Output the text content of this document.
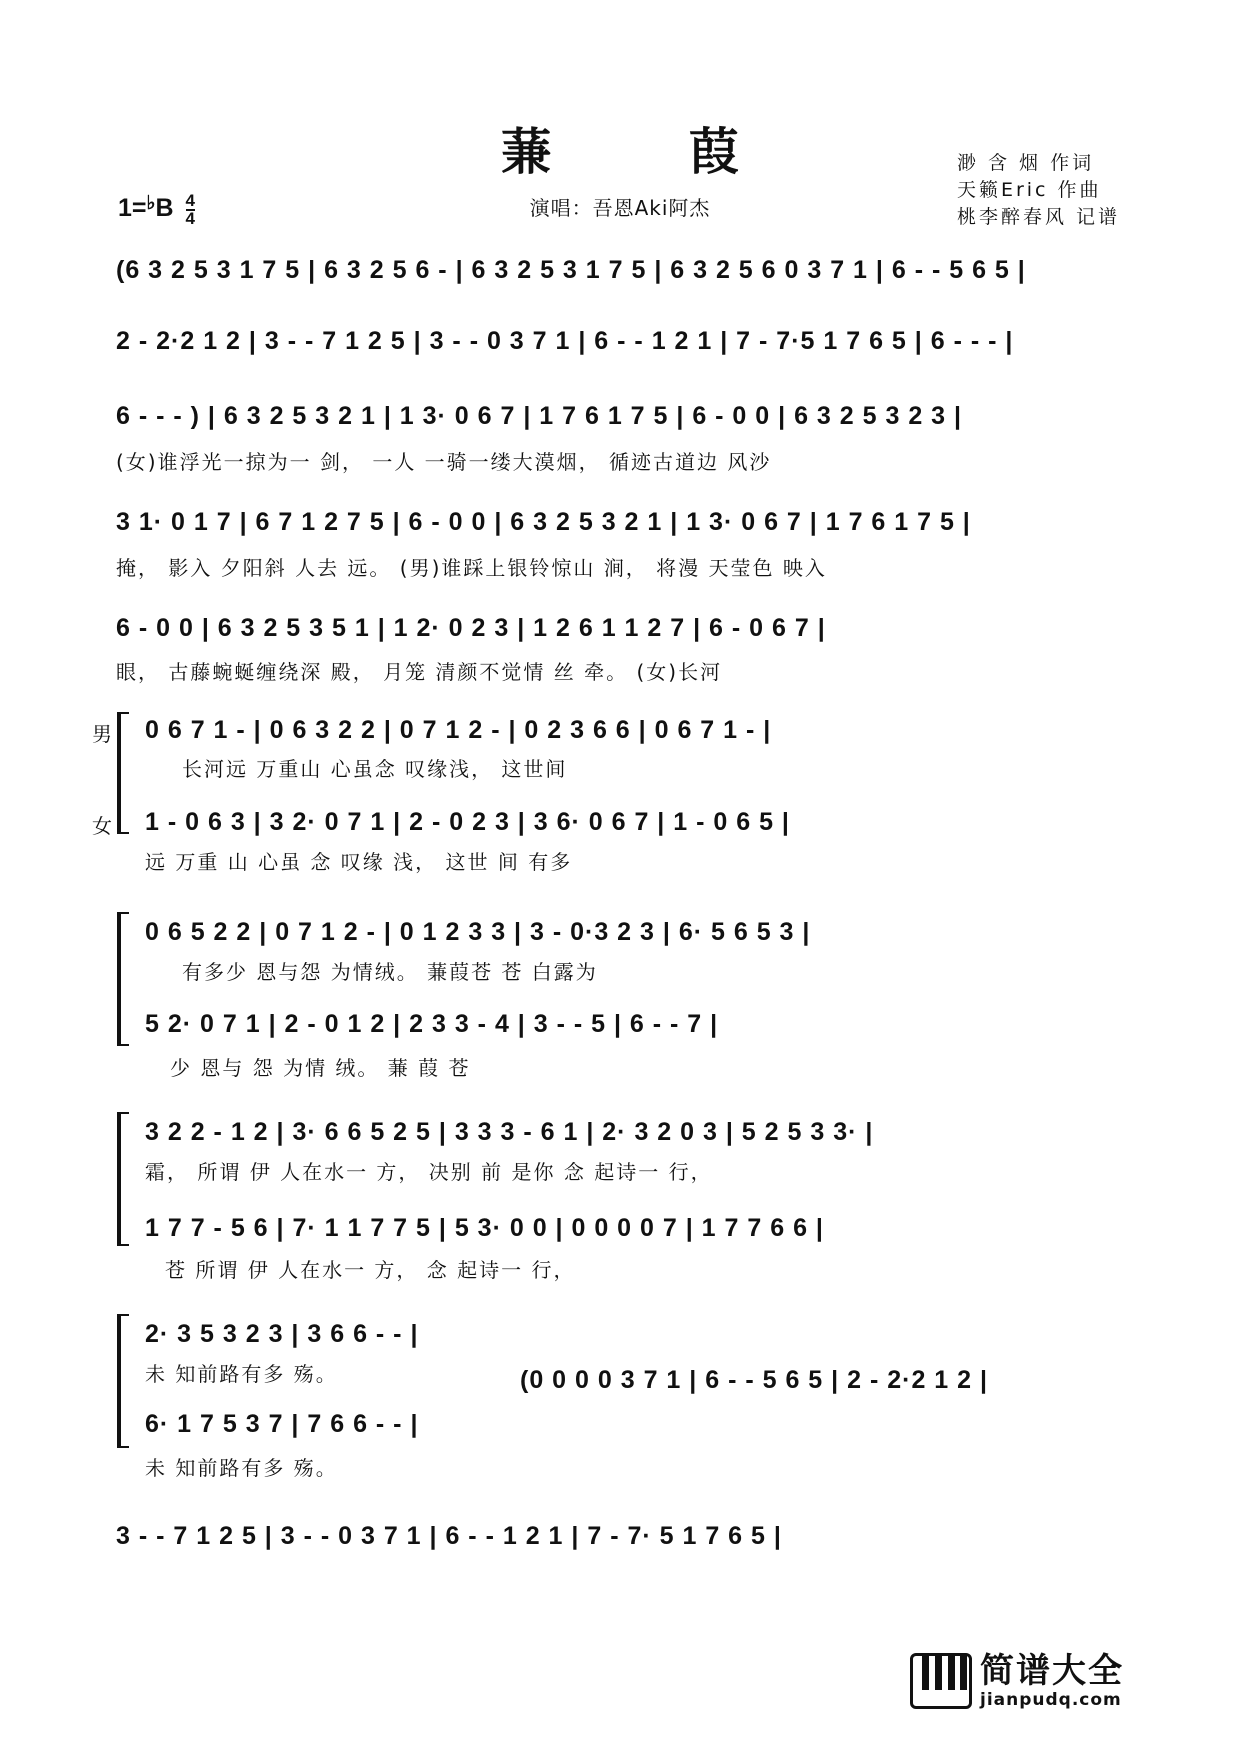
蒹 葭	渺 含 烟 作词
天籁Eric 作曲
桃李醉春风 记谱
$1=^♭B \frac{4}{4}$	演唱：吾恩Aki阿杰
(6 3 2 5 3 1 7 5 | 6 3 2 5 6 - | 6 3 2 5 3 1 7 5 | 6 3 2 5 6 0 3 7 1 | 6 - - 5 6 5 |
2 - 2·2 1 2 | 3 - - 7 1 2 5 | 3 - - 0 3 7 1 | 6 - - 1 2 1 | 7 - 7·5 1 7 6 5 | 6 - - - |
6 - - - ) | 6 3 2 5 3 2 1 | 1 3· 0 6 7 | 1 7 6 1 7 5 | 6 - 0 0 | 6 3 2 5 3 2 3 |
(女)谁浮光一掠为一 剑， 一人 一骑一缕大漠烟， 循迹古道边 风沙
3 1· 0 1 7 | 6 7 1 2 7 5 | 6 - 0 0 | 6 3 2 5 3 2 1 | 1 3· 0 6 7 | 1 7 6 1 7 5 |
掩， 影入 夕阳斜 人去 远。 (男)谁踩上银铃惊山 涧， 将漫 天莹色 映入
6 - 0 0 | 6 3 2 5 3 5 1 | 1 2· 0 2 3 | 1 2 6 1 1 2 7 | 6 - 0 6 7 |
眼， 古藤蜿蜒缠绕深 殿， 月笼 清颜不觉情 丝 牵。 (女)长河
男
女
0 6 7 1 - | 0 6 3 2 2 | 0 7 1 2 - | 0 2 3 6 6 | 0 6 7 1 - |
长河远 万重山 心虽念 叹缘浅， 这世间
1 - 0 6 3 | 3 2· 0 7 1 | 2 - 0 2 3 | 3 6· 0 6 7 | 1 - 0 6 5 |
远 万重 山 心虽 念 叹缘 浅， 这世 间 有多
0 6 5 2 2 | 0 7 1 2 - | 0 1 2 3 3 | 3 - 0·3 2 3 | 6· 5 6 5 3 |
有多少 恩与怨 为情绒。 蒹葭苍 苍 白露为
5 2· 0 7 1 | 2 - 0 1 2 | 2 3 3 - 4 | 3 - - 5 | 6 - - 7 |
少 恩与 怨 为情 绒。 蒹 葭 苍
3 2 2 - 1 2 | 3· 6 6 5 2 5 | 3 3 3 - 6 1 | 2· 3 2 0 3 | 5 2 5 3 3· |
霜， 所谓 伊 人在水一 方， 决别 前 是你 念 起诗一 行，
1 7 7 - 5 6 | 7· 1 1 7 7 5 | 5 3· 0 0 | 0 0 0 0 7 | 1 7 7 6 6 |
苍 所谓 伊 人在水一 方， 念 起诗一 行，
2· 3 5 3 2 3 | 3 6 6 - - |
未 知前路有多 殇。
6· 1 7 5 3 7 | 7 6 6 - - |
未 知前路有多 殇。
(0 0 0 0 3 7 1 | 6 - - 5 6 5 | 2 - 2·2 1 2 |
3 - - 7 1 2 5 | 3 - - 0 3 7 1 | 6 - - 1 2 1 | 7 - 7· 5 1 7 6 5 |
简谱大全
jianpudq.com
